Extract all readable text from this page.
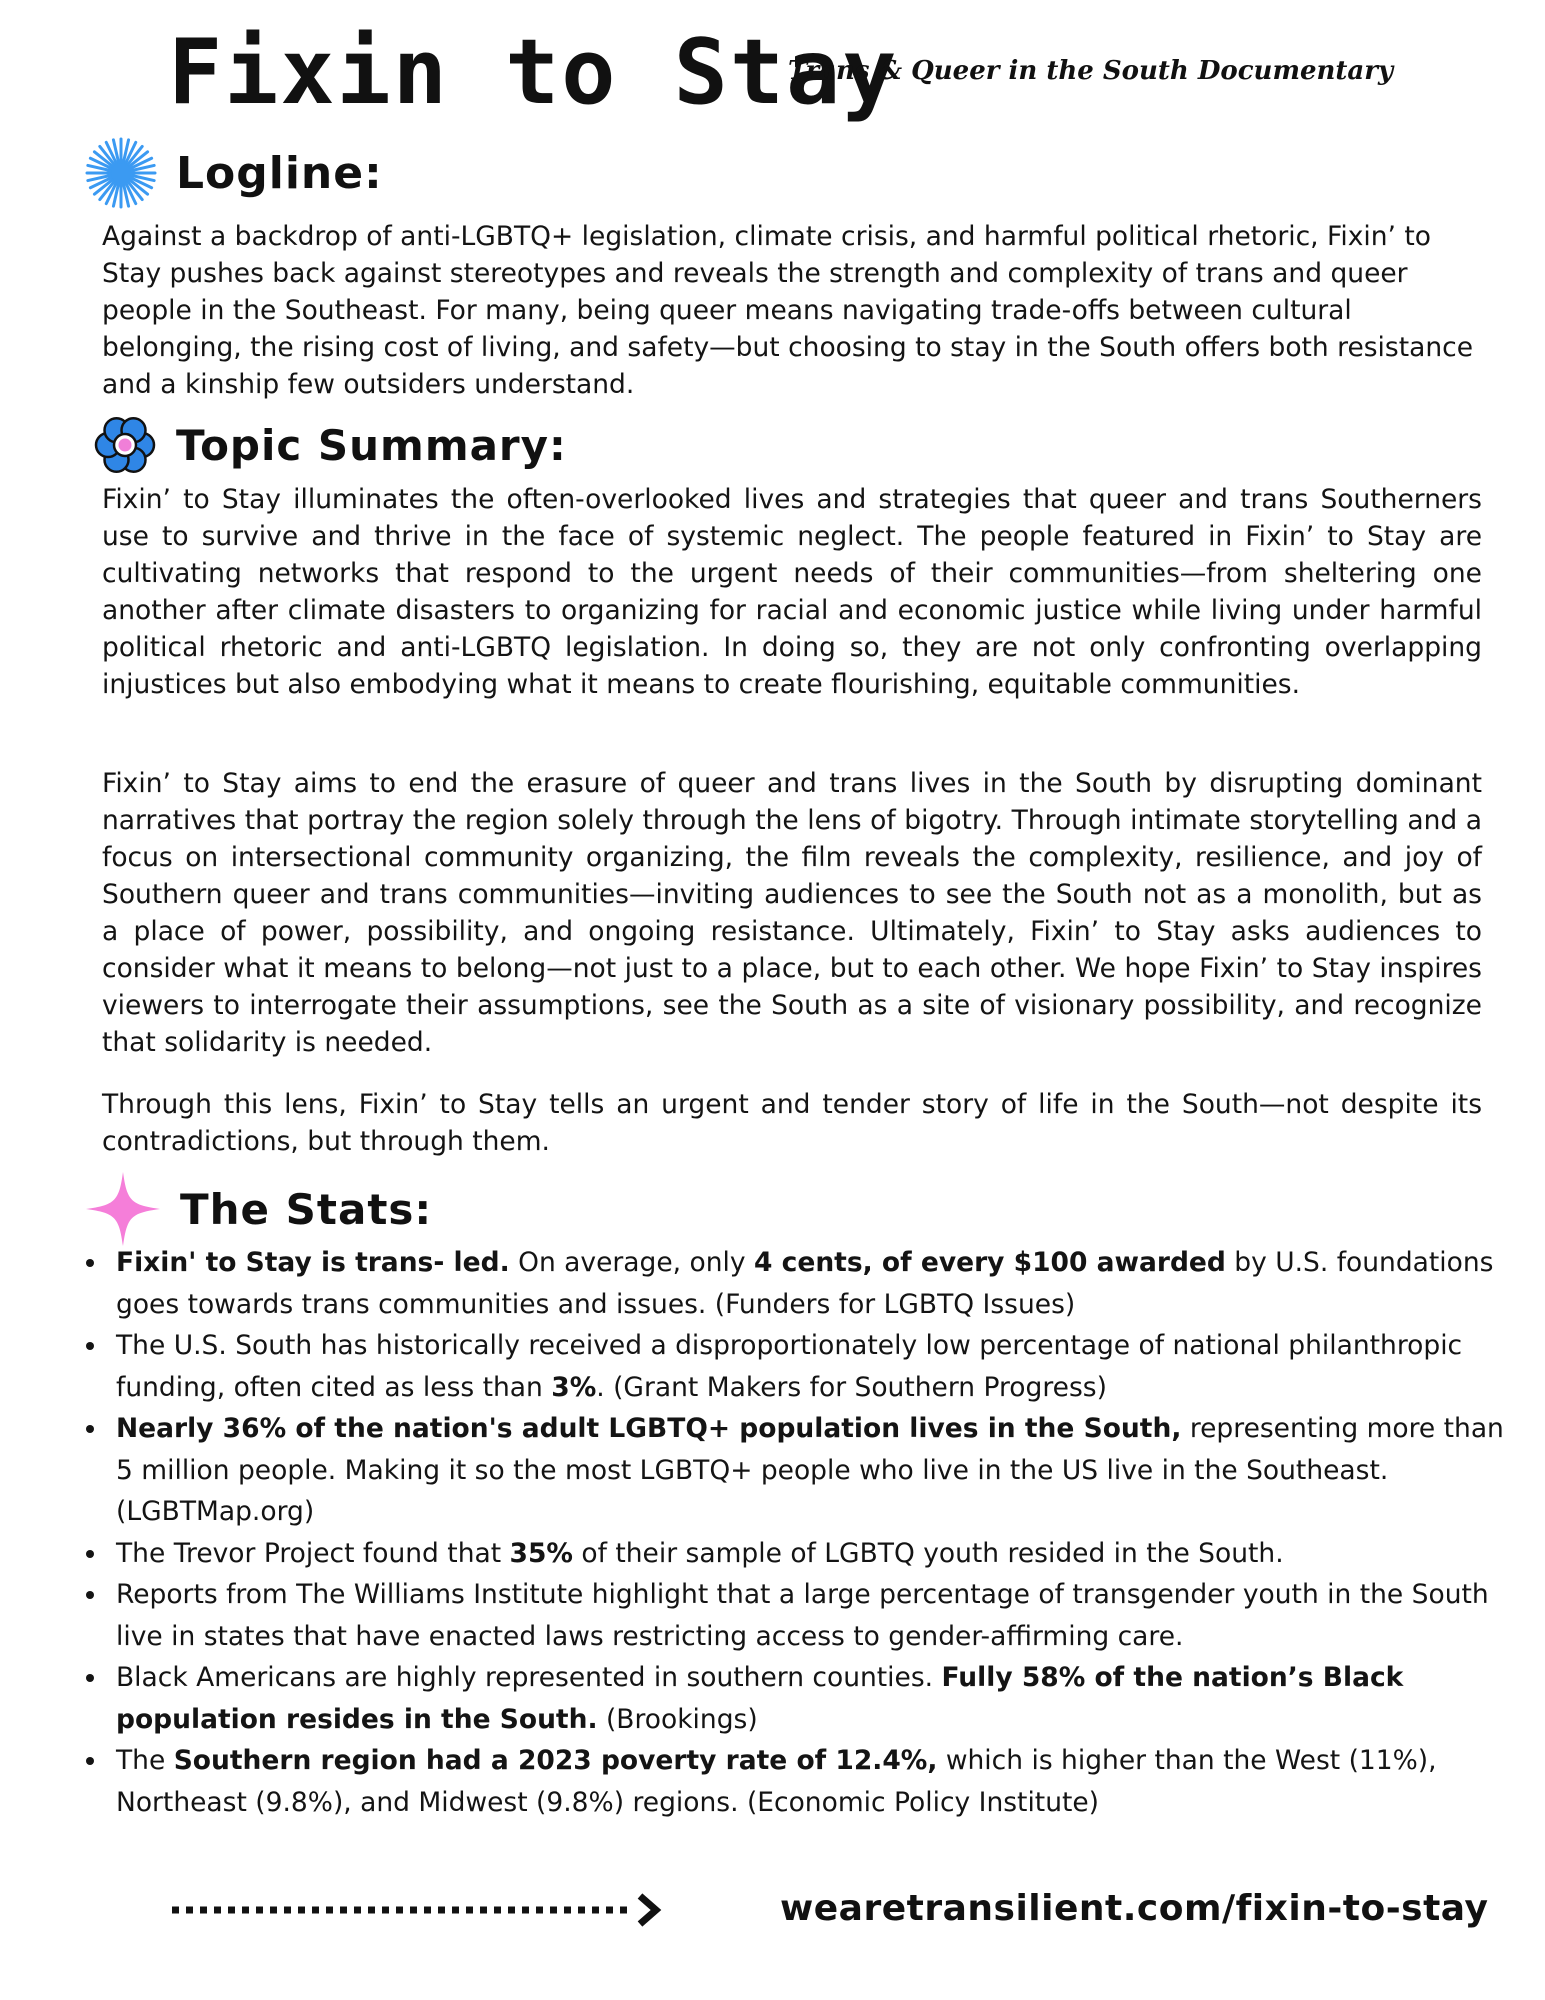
Fixin to Stay
Trans & Queer in the South Documentary
Logline:

Against a backdrop of anti-LGBTQ+ legislation, climate crisis, and harmful political rhetoric, Fixin’ to Stay pushes back against stereotypes and reveals the strength and complexity of trans and queer people in the Southeast. For many, being queer means navigating trade-offs between cultural belonging, the rising cost of living, and safety—but choosing to stay in the South offers both resistance and a kinship few outsiders understand.

Topic Summary:

Fixin’ to Stay illuminates the often-overlooked lives and strategies that queer and trans Southerners use to survive and thrive in the face of systemic neglect. The people featured in Fixin’ to Stay are cultivating networks that respond to the urgent needs of their communities—from sheltering one another after climate disasters to organizing for racial and economic justice while living under harmful political rhetoric and anti-LGBTQ legislation. In doing so, they are not only confronting overlapping injustices but also embodying what it means to create flourishing, equitable communities.

Fixin’ to Stay aims to end the erasure of queer and trans lives in the South by disrupting dominant narratives that portray the region solely through the lens of bigotry. Through intimate storytelling and a focus on intersectional community organizing, the film reveals the complexity, resilience, and joy of Southern queer and trans communities—inviting audiences to see the South not as a monolith, but as a place of power, possibility, and ongoing resistance. Ultimately, Fixin’ to Stay asks audiences to consider what it means to belong—not just to a place, but to each other. We hope Fixin’ to Stay inspires viewers to interrogate their assumptions, see the South as a site of visionary possibility, and recognize that solidarity is needed.

Through this lens, Fixin’ to Stay tells an urgent and tender story of life in the South—not despite its contradictions, but through them.

The Stats:
Fixin' to Stay is trans- led. On average, only 4 cents, of every $100 awarded by U.S. foundations goes towards trans communities and issues. (Funders for LGBTQ Issues)
The U.S. South has historically received a disproportionately low percentage of national philanthropic funding, often cited as less than 3%. (Grant Makers for Southern Progress)
Nearly 36% of the nation's adult LGBTQ+ population lives in the South, representing more than 5 million people. Making it so the most LGBTQ+ people who live in the US live in the Southeast. (LGBTMap.org)
The Trevor Project found that 35% of their sample of LGBTQ youth resided in the South.
Reports from The Williams Institute highlight that a large percentage of transgender youth in the South live in states that have enacted laws restricting access to gender-affirming care.
Black Americans are highly represented in southern counties. Fully 58% of the nation’s Black population resides in the South. (Brookings)
The Southern region had a 2023 poverty rate of 12.4%, which is higher than the West (11%), Northeast (9.8%), and Midwest (9.8%) regions. (Economic Policy Institute)
wearetransilient.com/fixin-to-stay
